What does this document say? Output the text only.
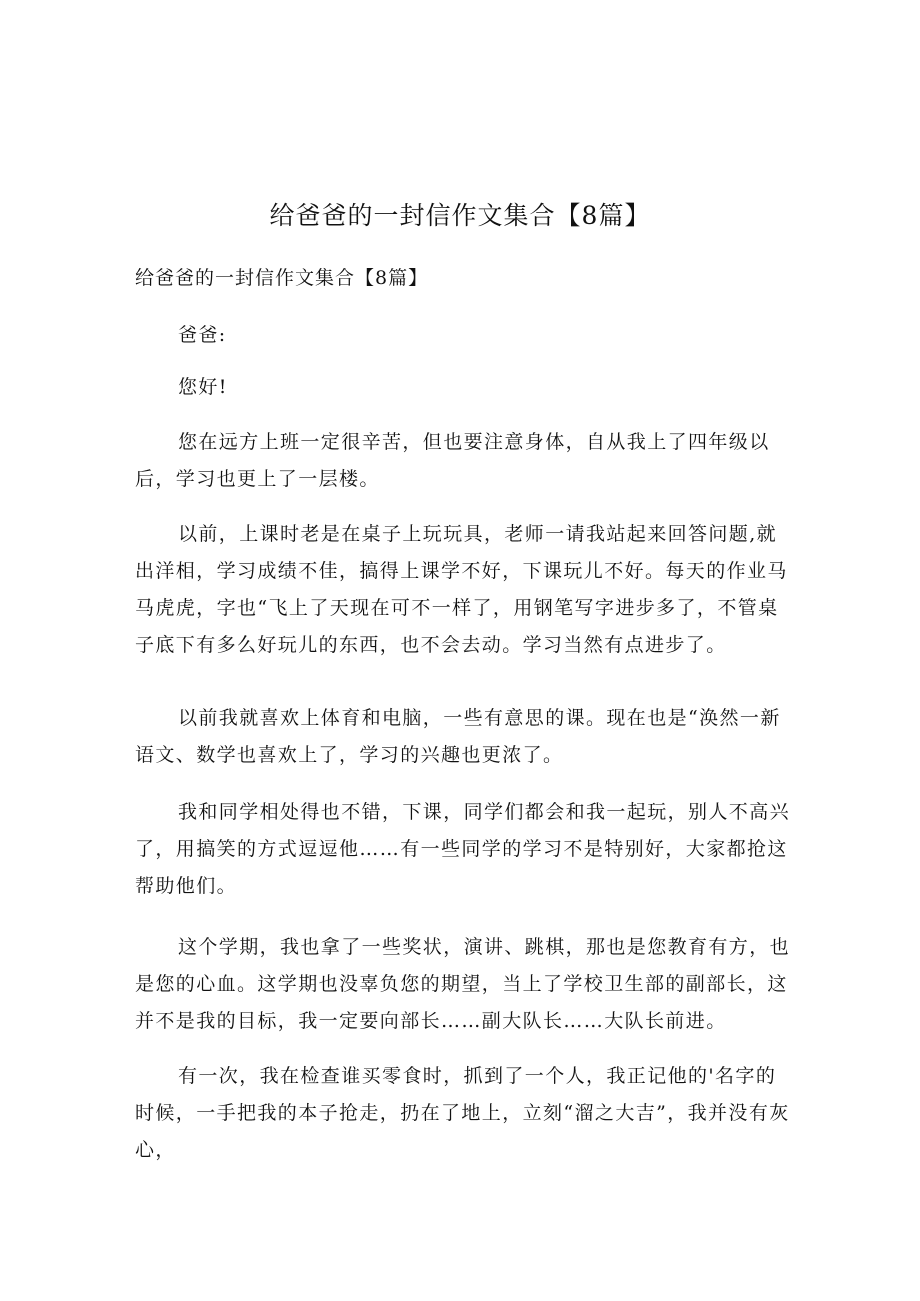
给爸爸的一封信作文集合【8篇】

给爸爸的一封信作文集合【8篇】

爸爸:

您好!

您在远方上班一定很辛苦，但也要注意身体，自从我上了四年级以后，学习也更上了一层楼。

以前，上课时老是在桌子上玩玩具，老师一请我站起来回答问题,就出洋相，学习成绩不佳，搞得上课学不好，下课玩儿不好。每天的作业马马虎虎，字也“飞上了天现在可不一样了，用钢笔写字进步多了，不管桌子底下有多么好玩儿的东西，也不会去动。学习当然有点进步了。

以前我就喜欢上体育和电脑，一些有意思的课。现在也是“涣然一新语文、数学也喜欢上了，学习的兴趣也更浓了。

我和同学相处得也不错，下课，同学们都会和我一起玩，别人不高兴了，用搞笑的方式逗逗他……有一些同学的学习不是特别好，大家都抢这帮助他们。

这个学期，我也拿了一些奖状，演讲、跳棋，那也是您教育有方，也是您的心血。这学期也没辜负您的期望，当上了学校卫生部的副部长，这并不是我的目标，我一定要向部长……副大队长……大队长前进。

有一次，我在检查谁买零食时，抓到了一个人，我正记他的'名字的时候，一手把我的本子抢走，扔在了地上，立刻“溜之大吉”，我并没有灰心，
